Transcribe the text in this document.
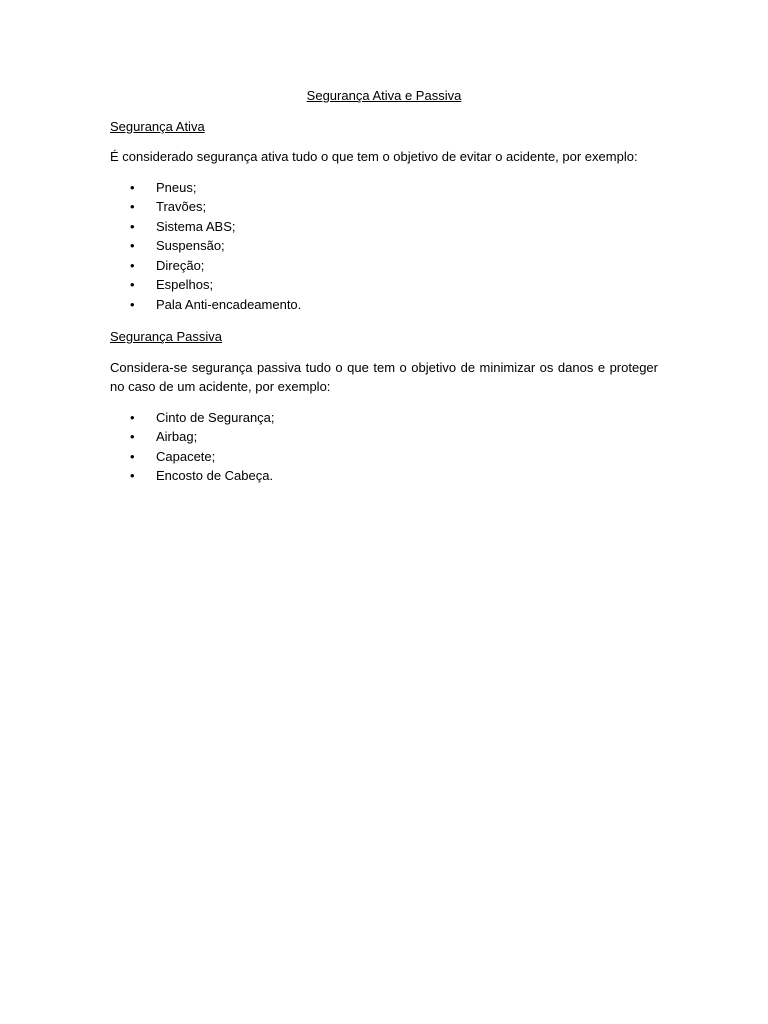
Segurança Ativa e Passiva
Segurança Ativa

É considerado segurança ativa tudo o que tem o objetivo de evitar o acidente, por exemplo:

• Pneus;
• Travões;
• Sistema ABS;
• Suspensão;
• Direção;
• Espelhos;
• Pala Anti-encadeamento.
Segurança Passiva

Considera-se segurança passiva tudo o que tem o objetivo de minimizar os danos e proteger no caso de um acidente, por exemplo:

• Cinto de Segurança;
• Airbag;
• Capacete;
• Encosto de Cabeça.
